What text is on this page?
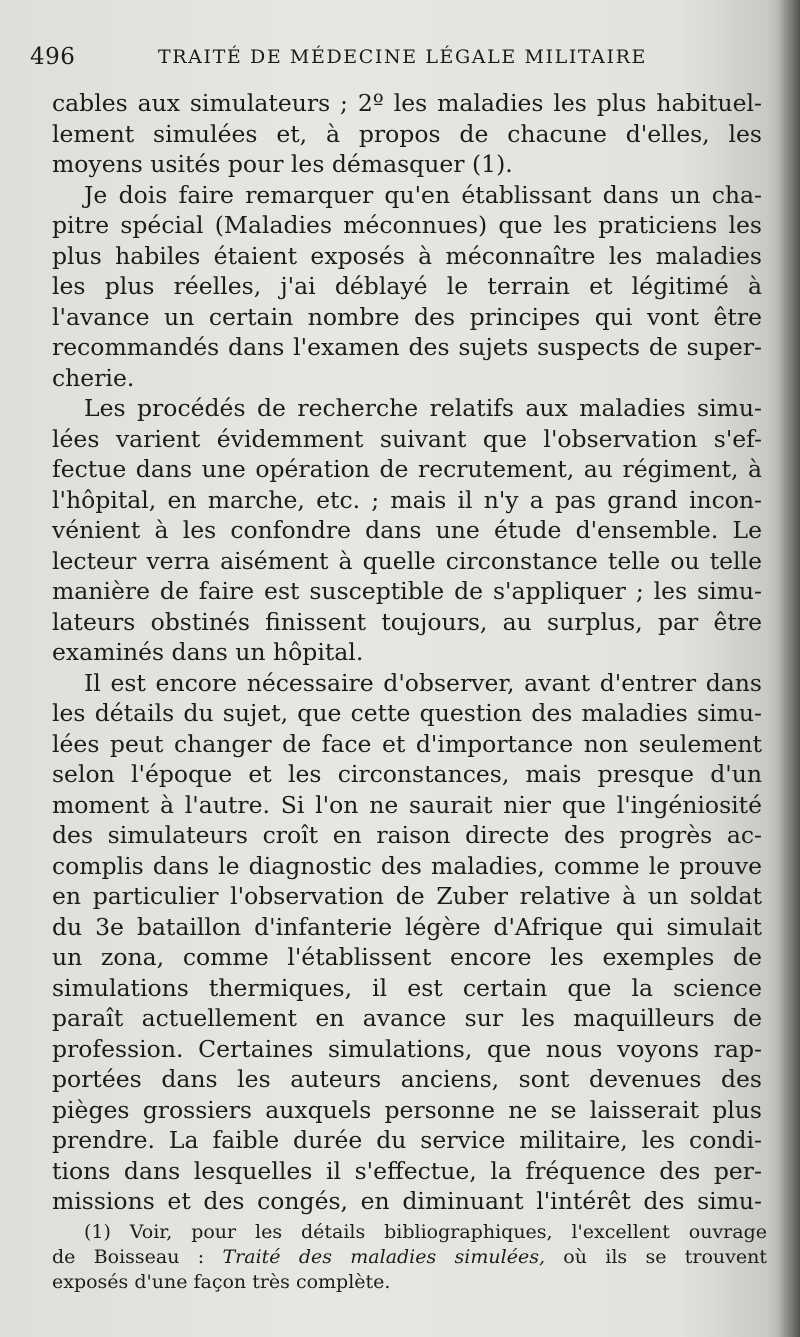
496	TRAITÉ DE MÉDECINE LÉGALE MILITAIRE
cables aux simulateurs ; 2º les maladies les plus habituel-
lement simulées et, à propos de chacune d'elles, les
moyens usités pour les démasquer (1).
Je dois faire remarquer qu'en établissant dans un cha-
pitre spécial (Maladies méconnues) que les praticiens les
plus habiles étaient exposés à méconnaître les maladies
les plus réelles, j'ai déblayé le terrain et légitimé à
l'avance un certain nombre des principes qui vont être
recommandés dans l'examen des sujets suspects de super-
cherie.
Les procédés de recherche relatifs aux maladies simu-
lées varient évidemment suivant que l'observation s'ef-
fectue dans une opération de recrutement, au régiment, à
l'hôpital, en marche, etc. ; mais il n'y a pas grand incon-
vénient à les confondre dans une étude d'ensemble. Le
lecteur verra aisément à quelle circonstance telle ou telle
manière de faire est susceptible de s'appliquer ; les simu-
lateurs obstinés finissent toujours, au surplus, par être
examinés dans un hôpital.
Il est encore nécessaire d'observer, avant d'entrer dans
les détails du sujet, que cette question des maladies simu-
lées peut changer de face et d'importance non seulement
selon l'époque et les circonstances, mais presque d'un
moment à l'autre. Si l'on ne saurait nier que l'ingéniosité
des simulateurs croît en raison directe des progrès ac-
complis dans le diagnostic des maladies, comme le prouve
en particulier l'observation de Zuber relative à un soldat
du 3e bataillon d'infanterie légère d'Afrique qui simulait
un zona, comme l'établissent encore les exemples de
simulations thermiques, il est certain que la science
paraît actuellement en avance sur les maquilleurs de
profession. Certaines simulations, que nous voyons rap-
portées dans les auteurs anciens, sont devenues des
pièges grossiers auxquels personne ne se laisserait plus
prendre. La faible durée du service militaire, les condi-
tions dans lesquelles il s'effectue, la fréquence des per-
missions et des congés, en diminuant l'intérêt des simu-
(1) Voir, pour les détails bibliographiques, l'excellent ouvrage
de Boisseau : Traité des maladies simulées, où ils se trouvent
exposés d'une façon très complète.
